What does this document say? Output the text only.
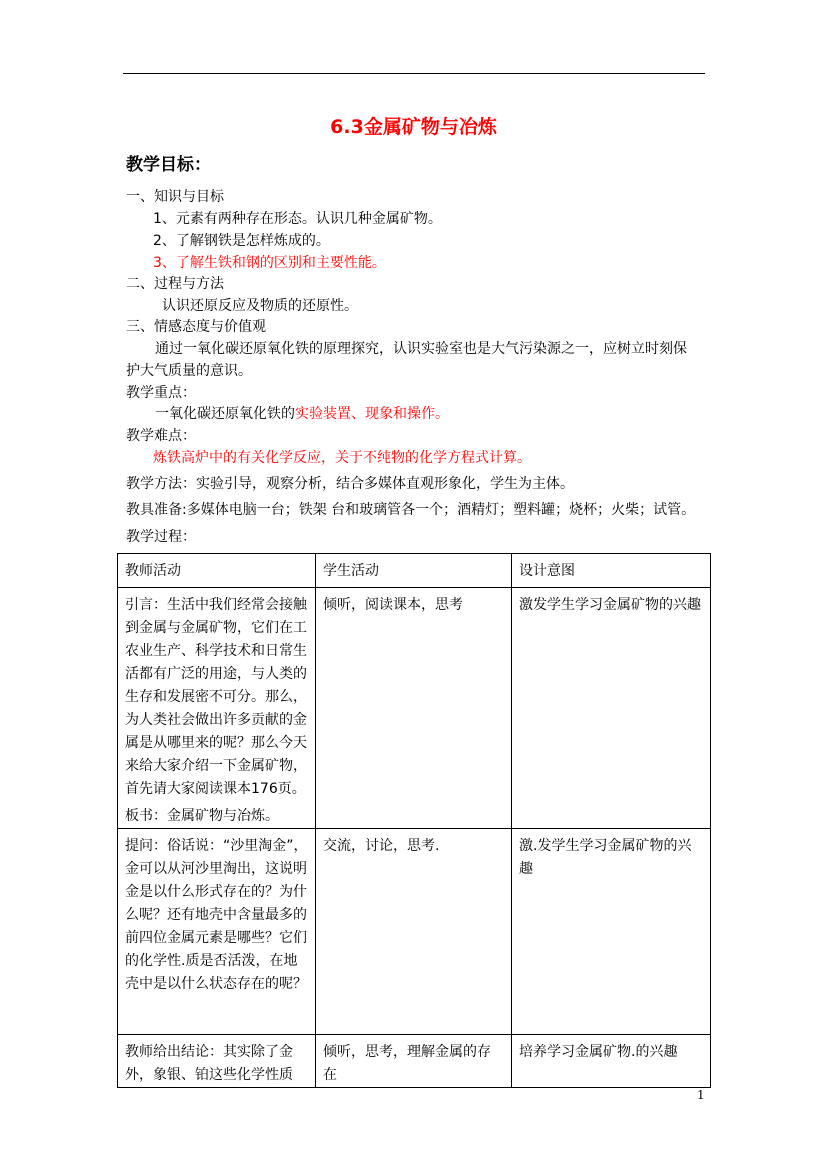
6.3金属矿物与冶炼
教学目标：
一、知识与目标
1、元素有两种存在形态。认识几种金属矿物。
2、了解钢铁是怎样炼成的。
3、了解生铁和钢的区别和主要性能。
二、过程与方法
认识还原反应及物质的还原性。
三、情感态度与价值观
通过一氧化碳还原氧化铁的原理探究，认识实验室也是大气污染源之一，应树立时刻保
护大气质量的意识。
教学重点：
一氧化碳还原氧化铁的实验装置、现象和操作。
教学难点：
炼铁高炉中的有关化学反应，关于不纯物的化学方程式计算。
教学方法：实验引导，观察分析，结合多媒体直观形象化，学生为主体。
教具准备:多媒体电脑一台；铁架 台和玻璃管各一个；酒精灯；塑料罐；烧杯；火柴；试管。
教学过程：
教师活动	学生活动	设计意图

引言：生活中我们经常会接触到金属与金属矿物，它们在工农业生产、科学技术和日常生活都有广泛的用途，与人类的生存和发展密不可分。那么，为人类社会做出许多贡献的金属是从哪里来的呢？那么今天来给大家介绍一下金属矿物，首先请大家阅读课本176页。
板书：金属矿物与冶炼。	倾听，阅读课本，思考	激发学生学习金属矿物的兴趣
提问：俗话说：“沙里淘金”，金可以从河沙里淘出，这说明金是以什么形式存在的？为什么呢？还有地壳中含量最多的前四位金属元素是哪些？它们的化学性.质是否活泼，在地壳中是以什么状态存在的呢？	交流，讨论，思考.	激.发学生学习金属矿物的兴趣
教师给出结论：其实除了金外，象银、铂这些化学性质	倾听，思考，理解金属的存在	培养学习金属矿物.的兴趣
1
